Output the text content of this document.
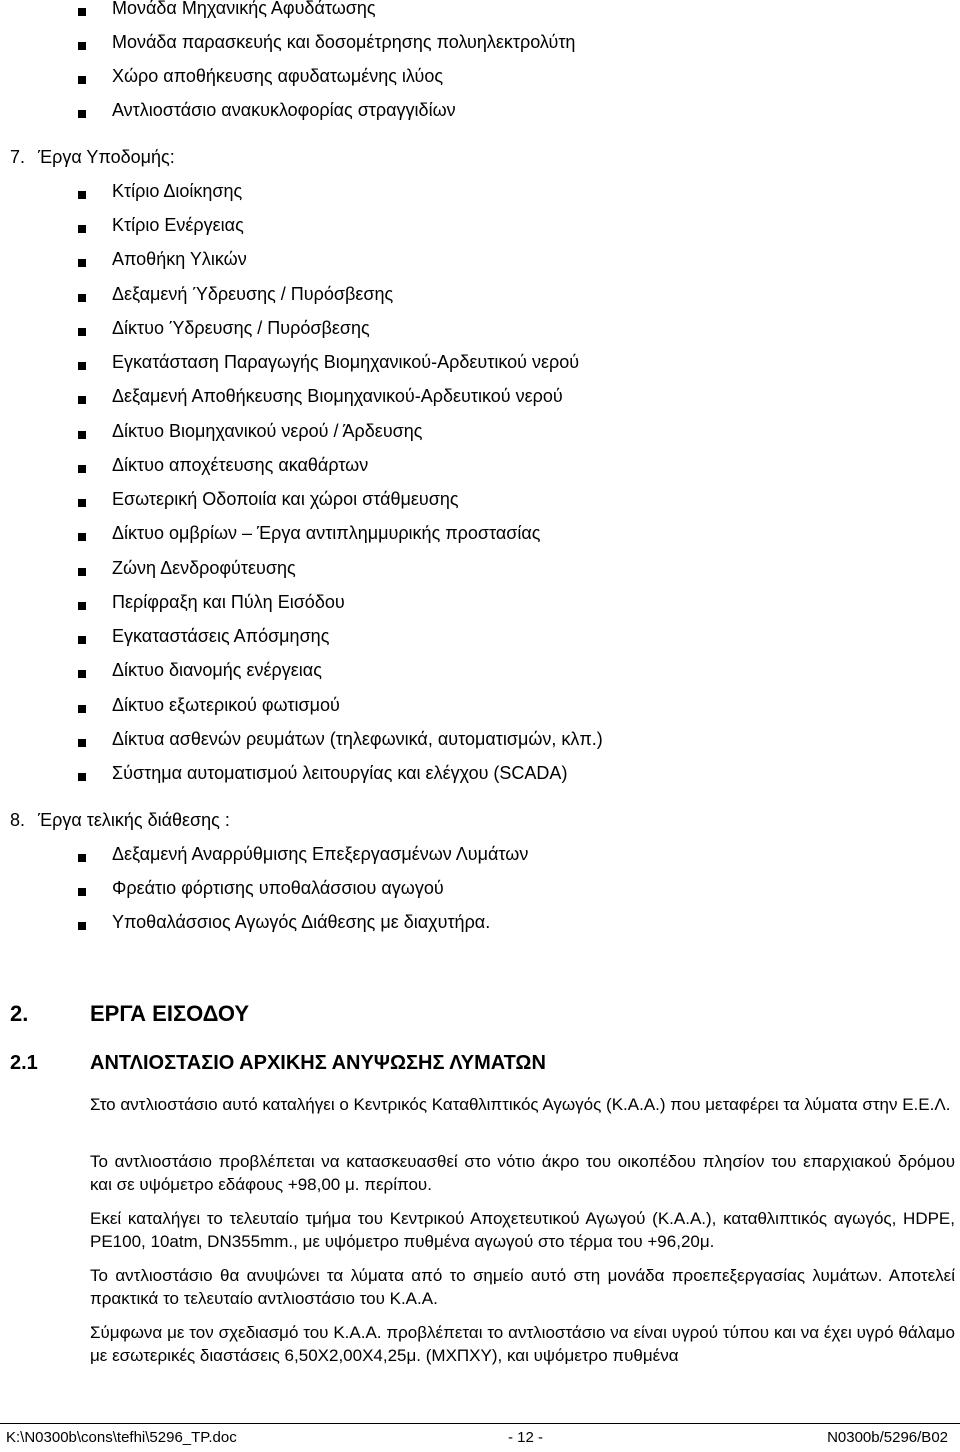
Μονάδα Μηχανικής Αφυδάτωσης
Μονάδα παρασκευής και δοσομέτρησης πολυηλεκτρολύτη
Χώρο αποθήκευσης αφυδατωμένης ιλύος
Αντλιοστάσιο ανακυκλοφορίας στραγγιδίων
7. Έργα Υποδομής:
Κτίριο Διοίκησης
Κτίριο Ενέργειας
Αποθήκη Υλικών
Δεξαμενή Ύδρευσης / Πυρόσβεσης
Δίκτυο Ύδρευσης / Πυρόσβεσης
Εγκατάσταση Παραγωγής Βιομηχανικού-Αρδευτικού νερού
Δεξαμενή Αποθήκευσης Βιομηχανικού-Αρδευτικού νερού
Δίκτυο Βιομηχανικού νερού / Άρδευσης
Δίκτυο αποχέτευσης ακαθάρτων
Εσωτερική Οδοποιία και χώροι στάθμευσης
Δίκτυο ομβρίων – Έργα αντιπλημμυρικής προστασίας
Ζώνη Δενδροφύτευσης
Περίφραξη και Πύλη Εισόδου
Εγκαταστάσεις Απόσμησης
Δίκτυο διανομής ενέργειας
Δίκτυο εξωτερικού φωτισμού
Δίκτυα ασθενών ρευμάτων (τηλεφωνικά, αυτοματισμών, κλπ.)
Σύστημα αυτοματισμού λειτουργίας και ελέγχου (SCADA)
8. Έργα τελικής διάθεσης :
Δεξαμενή Αναρρύθμισης Επεξεργασμένων Λυμάτων
Φρεάτιο φόρτισης υποθαλάσσιου αγωγού
Υποθαλάσσιος Αγωγός Διάθεσης με διαχυτήρα.
2.	ΕΡΓΑ ΕΙΣΟΔΟΥ
2.1	ΑΝΤΛΙΟΣΤΑΣΙΟ ΑΡΧΙΚΗΣ ΑΝΥΨΩΣΗΣ ΛΥΜΑΤΩΝ

Στο αντλιοστάσιο αυτό καταλήγει ο Κεντρικός Καταθλιπτικός Αγωγός (Κ.Α.Α.) που μεταφέρει τα λύματα στην Ε.Ε.Λ.

Το αντλιοστάσιο προβλέπεται να κατασκευασθεί στο νότιο άκρο του οικοπέδου πλησίον του επαρχιακού δρόμου και σε υψόμετρο εδάφους +98,00 μ. περίπου.

Εκεί καταλήγει το τελευταίο τμήμα του Κεντρικού Αποχετευτικού Αγωγού (Κ.Α.Α.), καταθλιπτικός αγωγός, HDPE, PE100, 10atm, DN355mm., με υψόμετρο πυθμένα αγωγού στο τέρμα του +96,20μ.

Το αντλιοστάσιο θα ανυψώνει τα λύματα από το σημείο αυτό στη μονάδα προεπεξεργασίας λυμάτων. Αποτελεί πρακτικά το τελευταίο αντλιοστάσιο του Κ.Α.Α.

Σύμφωνα με τον σχεδιασμό του Κ.Α.Α. προβλέπεται το αντλιοστάσιο να είναι υγρού τύπου και να έχει υγρό θάλαμο με εσωτερικές διαστάσεις 6,50Χ2,00Χ4,25μ. (ΜΧΠΧΥ), και υψόμετρο πυθμένα

K:\N0300b\cons\tefhi\5296_TP.doc	- 12 -	N0300b/5296/B02
